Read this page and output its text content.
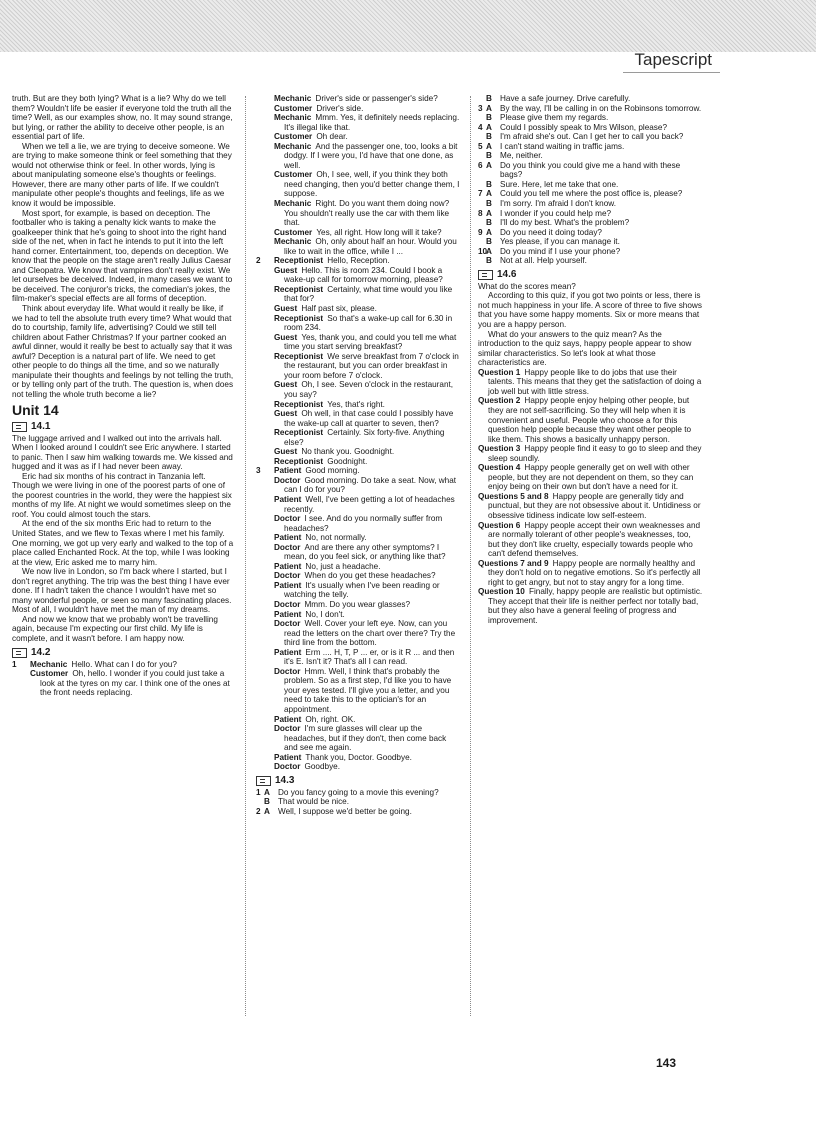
Tapescript

truth. But are they both lying? What is a lie? Why do we tell them? Wouldn't life be easier if everyone told the truth all the time? Well, as our examples show, no. It may sound strange, but lying, or rather the ability to deceive other people, is an essential part of life.

When we tell a lie, we are trying to deceive someone. We are trying to make someone think or feel something that they would not otherwise think or feel. In other words, lying is about manipulating someone else's thoughts or feelings. However, there are many other parts of life. If we couldn't manipulate other people's thoughts and feelings, life as we know it would be impossible.

Most sport, for example, is based on deception. The footballer who is taking a penalty kick wants to make the goalkeeper think that he's going to shoot into the right hand side of the net, when in fact he intends to put it into the left hand corner. Entertainment, too, depends on deception. We know that the people on the stage aren't really Julius Caesar and Cleopatra. We know that vampires don't really exist. We let ourselves be deceived. Indeed, in many cases we want to be deceived. The conjuror's tricks, the comedian's jokes, the film-maker's special effects are all forms of deception.

Think about everyday life. What would it really be like, if we had to tell the absolute truth every time? What would that do to courtship, family life, advertising? Could we still tell children about Father Christmas? If your partner cooked an awful dinner, would it really be best to actually say that it was awful? Deception is a natural part of life. We need to get other people to do things all the time, and so we naturally manipulate their thoughts and feelings by not telling the truth, or by telling only part of the truth. The question is, when does not telling the whole truth become a lie?

Unit 14
14.1

The luggage arrived and I walked out into the arrivals hall. When I looked around I couldn't see Eric anywhere. I started to panic. Then I saw him walking towards me. We kissed and hugged and it was as if I had never been away.

Eric had six months of his contract in Tanzania left. Though we were living in one of the poorest parts of one of the poorest countries in the world, they were the happiest six months of my life. At night we would sometimes sleep on the roof. You could almost touch the stars.

At the end of the six months Eric had to return to the United States, and we flew to Texas where I met his family. One morning, we got up very early and walked to the top of a place called Enchanted Rock. At the top, while I was looking at the view, Eric asked me to marry him.

We now live in London, so I'm back where I started, but I don't regret anything. The trip was the best thing I have ever done. If I hadn't taken the chance I wouldn't have met so many wonderful people, or seen so many fascinating places. Most of all, I wouldn't have met the man of my dreams.

And now we know that we probably won't be travelling again, because I'm expecting our first child. My life is complete, and it wasn't before. I am happy now.

14.2
1	Mechanic  Hello. What can I do for you?
Customer  Oh, hello. I wonder if you could just take a look at the tyres on my car. I think one of the ones at the front needs replacing.
Mechanic  Driver's side or passenger's side?
Customer  Driver's side.
Mechanic  Mmm. Yes, it definitely needs replacing. It's illegal like that.
Customer  Oh dear.
Mechanic  And the passenger one, too, looks a bit dodgy. If I were you, I'd have that one done, as well.
Customer  Oh, I see, well, if you think they both need changing, then you'd better change them, I suppose.
Mechanic  Right. Do you want them doing now? You shouldn't really use the car with them like that.
Customer  Yes, all right. How long will it take?
Mechanic  Oh, only about half an hour. Would you like to wait in the office, while I ...
2	Receptionist  Hello, Reception.
Guest  Hello. This is room 234. Could I book a wake-up call for tomorrow morning, please?
Receptionist  Certainly, what time would you like that for?
Guest  Half past six, please.
Receptionist  So that's a wake-up call for 6.30 in room 234.
Guest  Yes, thank you, and could you tell me what time you start serving breakfast?
Receptionist  We serve breakfast from 7 o'clock in the restaurant, but you can order breakfast in your room before 7 o'clock.
Guest  Oh, I see. Seven o'clock in the restaurant, you say?
Receptionist  Yes, that's right.
Guest  Oh well, in that case could I possibly have the wake-up call at quarter to seven, then?
Receptionist  Certainly. Six forty-five. Anything else?
Guest  No thank you. Goodnight.
Receptionist  Goodnight.
3	Patient  Good morning.
Doctor  Good morning. Do take a seat. Now, what can I do for you?
Patient  Well, I've been getting a lot of headaches recently.
Doctor  I see. And do you normally suffer from headaches?
Patient  No, not normally.
Doctor  And are there any other symptoms? I mean, do you feel sick, or anything like that?
Patient  No, just a headache.
Doctor  When do you get these headaches?
Patient  It's usually when I've been reading or watching the telly.
Doctor  Mmm. Do you wear glasses?
Patient  No, I don't.
Doctor  Well. Cover your left eye. Now, can you read the letters on the chart over there? Try the third line from the bottom.
Patient  Erm .... H, T, P ... er, or is it R ... and then it's E. Isn't it? That's all I can read.
Doctor  Hmm. Well, I think that's probably the problem. So as a first step, I'd like you to have your eyes tested. I'll give you a letter, and you need to take this to the optician's for an appointment.
Patient  Oh, right. OK.
Doctor  I'm sure glasses will clear up the headaches, but if they don't, then come back and see me again.
Patient  Thank you, Doctor. Goodbye.
Doctor  Goodbye.
14.3
1 A Do you fancy going to a movie this evening?
B That would be nice.
2 A Well, I suppose we'd better be going.
B Have a safe journey. Drive carefully.
3 A By the way, I'll be calling in on the Robinsons tomorrow.
B Please give them my regards.
4 A Could I possibly speak to Mrs Wilson, please?
B I'm afraid she's out. Can I get her to call you back?
5 A I can't stand waiting in traffic jams.
B Me, neither.
6 A Do you think you could give me a hand with these bags?
B Sure. Here, let me take that one.
7 A Could you tell me where the post office is, please?
B I'm sorry. I'm afraid I don't know.
8 A I wonder if you could help me?
B I'll do my best. What's the problem?
9 A Do you need it doing today?
B Yes please, if you can manage it.
10
A Do you mind if I use your phone?
B Not at all. Help yourself.
14.6

What do the scores mean?

According to this quiz, if you got two points or less, there is not much happiness in your life. A score of three to five shows that you have some happy moments. Six or more means that you are a happy person.

What do your answers to the quiz mean? As the introduction to the quiz says, happy people appear to show similar characteristics. So let's look at what those characteristics are.

Question 1  Happy people like to do jobs that use their talents. This means that they get the satisfaction of doing a job well but with little stress.
Question 2  Happy people enjoy helping other people, but they are not self-sacrificing. So they will help when it is convenient and useful. People who choose a for this question help people because they want other people to like them. This shows a basically unhappy person.
Question 3  Happy people find it easy to go to sleep and they sleep soundly.
Question 4  Happy people generally get on well with other people, but they are not dependent on them, so they can enjoy being on their own but don't have a need for it.
Questions 5 and 8  Happy people are generally tidy and punctual, but they are not obsessive about it. Untidiness or obsessive tidiness indicate low self-esteem.
Question 6  Happy people accept their own weaknesses and are normally tolerant of other people's weaknesses, too, but they don't like cruelty, especially towards people who can't defend themselves.
Questions 7 and 9  Happy people are normally healthy and they don't hold on to negative emotions. So it's perfectly all right to get angry, but not to stay angry for a long time.
Question 10  Finally, happy people are realistic but optimistic. They accept that their life is neither perfect nor totally bad, but they also have a general feeling of progress and improvement.
143
